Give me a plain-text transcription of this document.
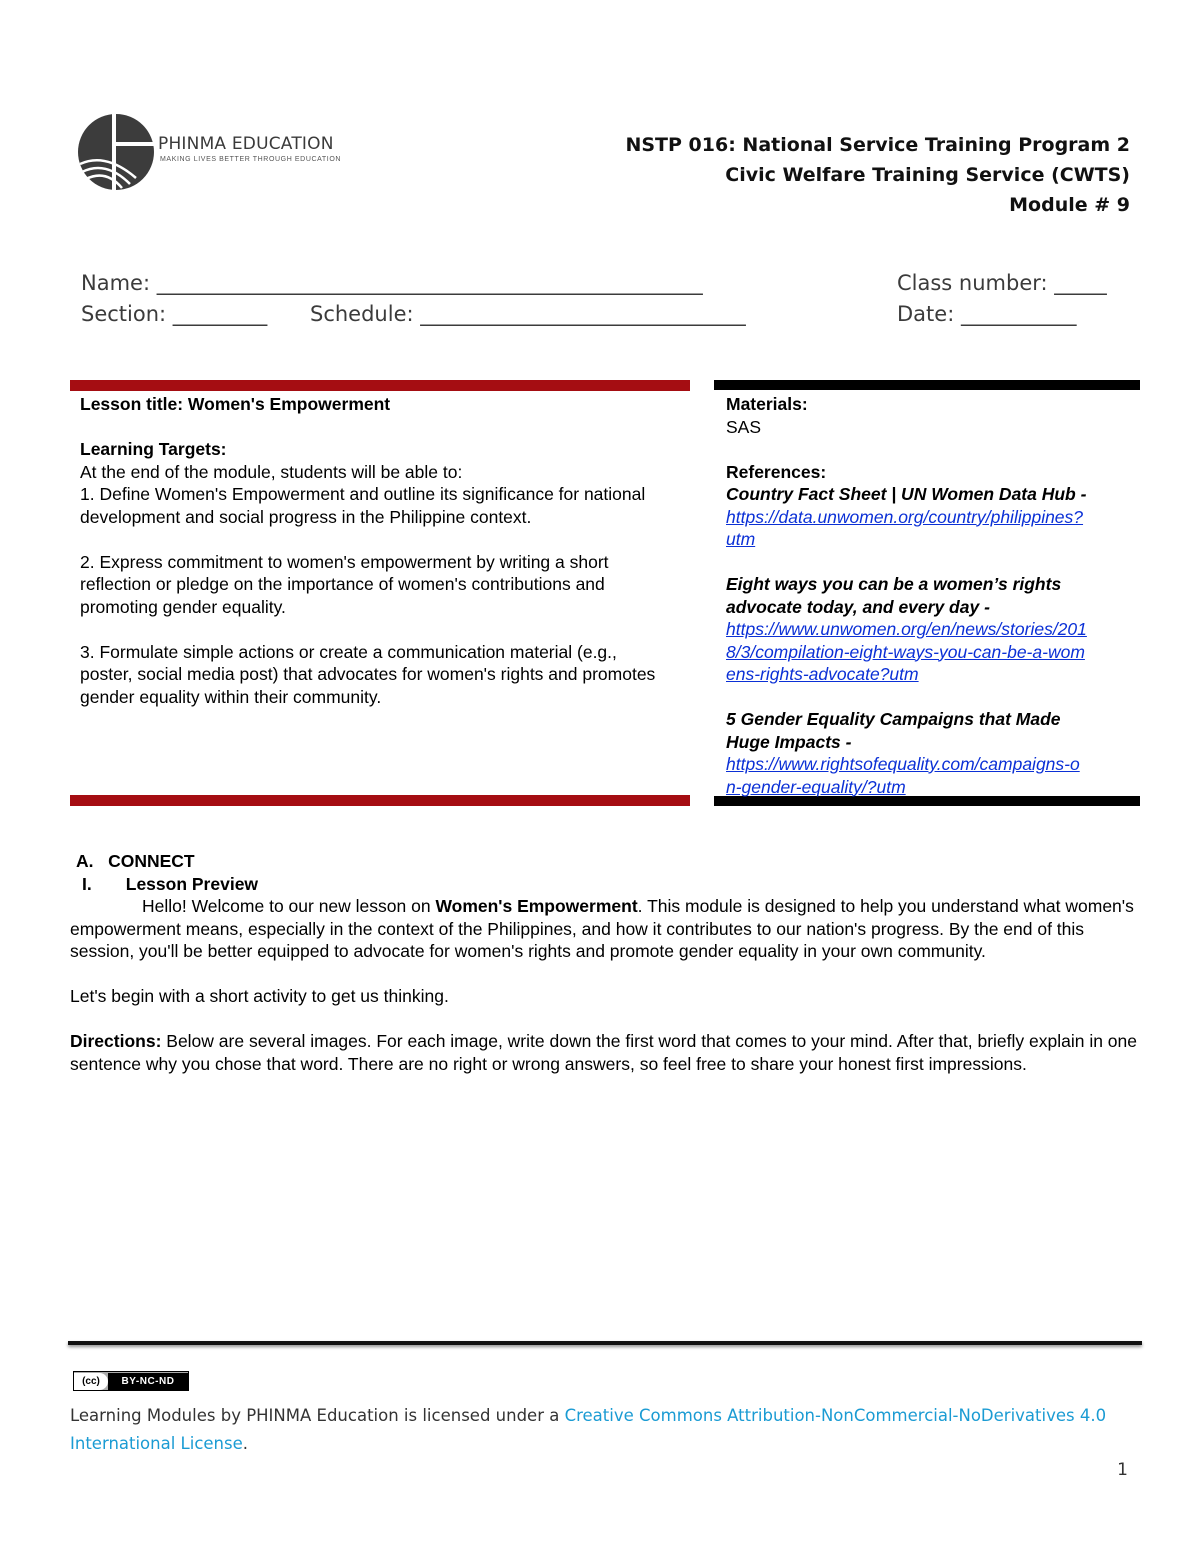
PHINMA EDUCATION
MAKING LIVES BETTER THROUGH EDUCATION
NSTP 016: National Service Training Program 2
Civic Welfare Training Service (CWTS)
Module # 9
Name: ____________________________________________________	Class number: _____
Section: _________ Schedule: _______________________________	Date: ___________

Lesson title: Women's Empowerment

Learning Targets:

At the end of the module, students will be able to:

1. Define Women's Empowerment and outline its significance for national development and social progress in the Philippine context.

2. Express commitment to women's empowerment by writing a short reflection or pledge on the importance of women's contributions and promoting gender equality.

3. Formulate simple actions or create a communication material (e.g., poster, social media post) that advocates for women's rights and promotes gender equality within their community.

Materials:

SAS

References:

Country Fact Sheet | UN Women Data Hub -

https://data.unwomen.org/country/philippines?
utm

Eight ways you can be a women’s rights
advocate today, and every day -

https://www.unwomen.org/en/news/stories/201
8/3/compilation-eight-ways-you-can-be-a-wom
ens-rights-advocate?utm

5 Gender Equality Campaigns that Made
Huge Impacts -

https://www.rightsofequality.com/campaigns-o
n-gender-equality/?utm

A.   CONNECT

I.       Lesson Preview

Hello! Welcome to our new lesson on Women's Empowerment. This module is designed to help you understand what women's empowerment means, especially in the context of the Philippines, and how it contributes to our nation's progress. By the end of this session, you'll be better equipped to advocate for women's rights and promote gender equality in your own community.

Let's begin with a short activity to get us thinking.

Directions: Below are several images. For each image, write down the first word that comes to your mind. After that, briefly explain in one sentence why you chose that word. There are no right or wrong answers, so feel free to share your honest first impressions.

(cc)	BY-NC-ND
Learning Modules by PHINMA Education is licensed under a Creative Commons Attribution-NonCommercial-NoDerivatives 4.0 International License.
1
